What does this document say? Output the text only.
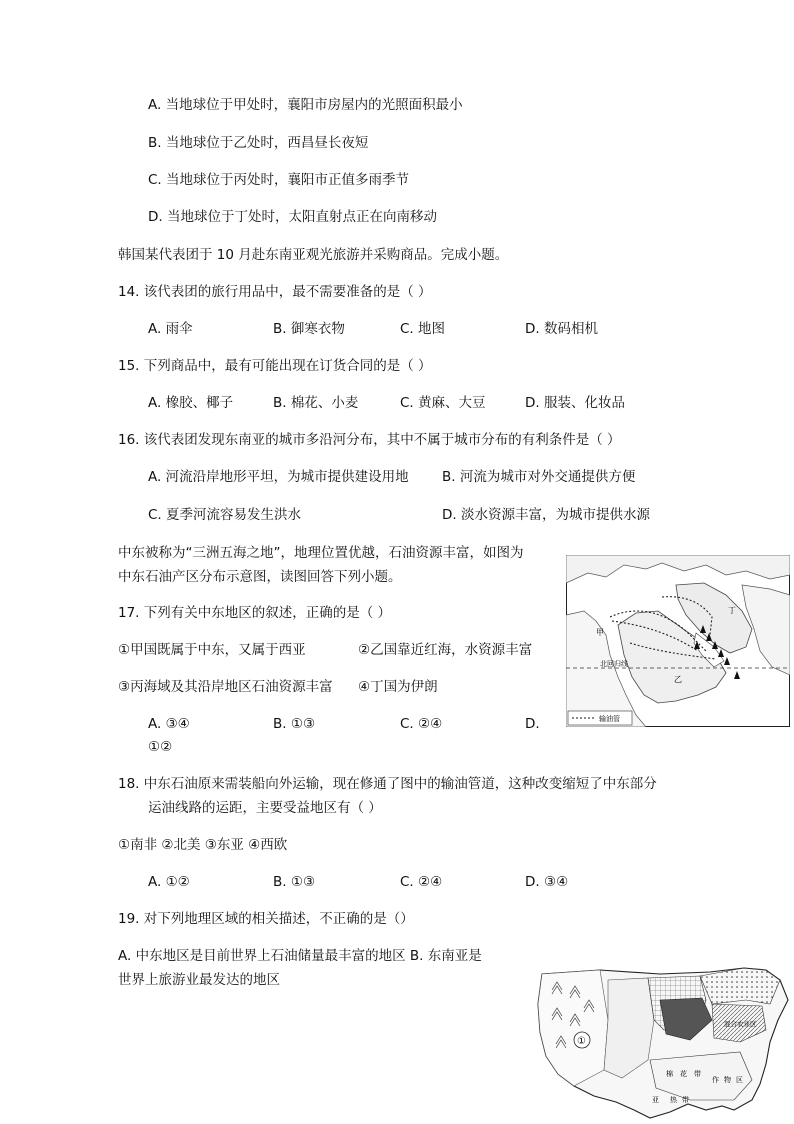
A. 当地球位于甲处时，襄阳市房屋内的光照面积最小
B. 当地球位于乙处时，西昌昼长夜短
C. 当地球位于丙处时，襄阳市正值多雨季节
D. 当地球位于丁处时，太阳直射点正在向南移动
韩国某代表团于 10 月赴东南亚观光旅游并采购商品。完成小题。
14. 该代表团的旅行用品中，最不需要准备的是（ ）
A. 雨伞	B. 御寒衣物	C. 地图	D. 数码相机
15. 下列商品中，最有可能出现在订货合同的是（ ）
A. 橡胶、椰子	B. 棉花、小麦	C. 黄麻、大豆	D. 服装、化妆品
16. 该代表团发现东南亚的城市多沿河分布，其中不属于城市分布的有利条件是（ ）
A. 河流沿岸地形平坦，为城市提供建设用地 B. 河流为城市对外交通提供方便
C. 夏季河流容易发生洪水	D. 淡水资源丰富，为城市提供水源
中东被称为“三洲五海之地”，地理位置优越，石油资源丰富，如图为
中东石油产区分布示意图，读图回答下列小题。
17. 下列有关中东地区的叙述，正确的是（ ）
①甲国既属于中东，又属于西亚	②乙国靠近红海，水资源丰富
③丙海域及其沿岸地区石油资源丰富 ④丁国为伊朗
A. ③④	B. ①③	C. ②④	D.
①②
北回归线
甲
乙
丁
输油管
18. 中东石油原来需装船向外运输，现在修通了图中的输油管道，这种改变缩短了中东部分
运油线路的运距，主要受益地区有（ ）
①南非 ②北美 ③东亚 ④西欧
A. ①②	B. ①③	C. ②④	D. ③④
19. 对下列地理区域的相关描述，不正确的是（）
A. 中东地区是目前世界上石油储量最丰富的地区 B. 东南亚是
世界上旅游业最发达的地区
①
混合农业区
棉 花 带
作 物 区
热 带
亚
